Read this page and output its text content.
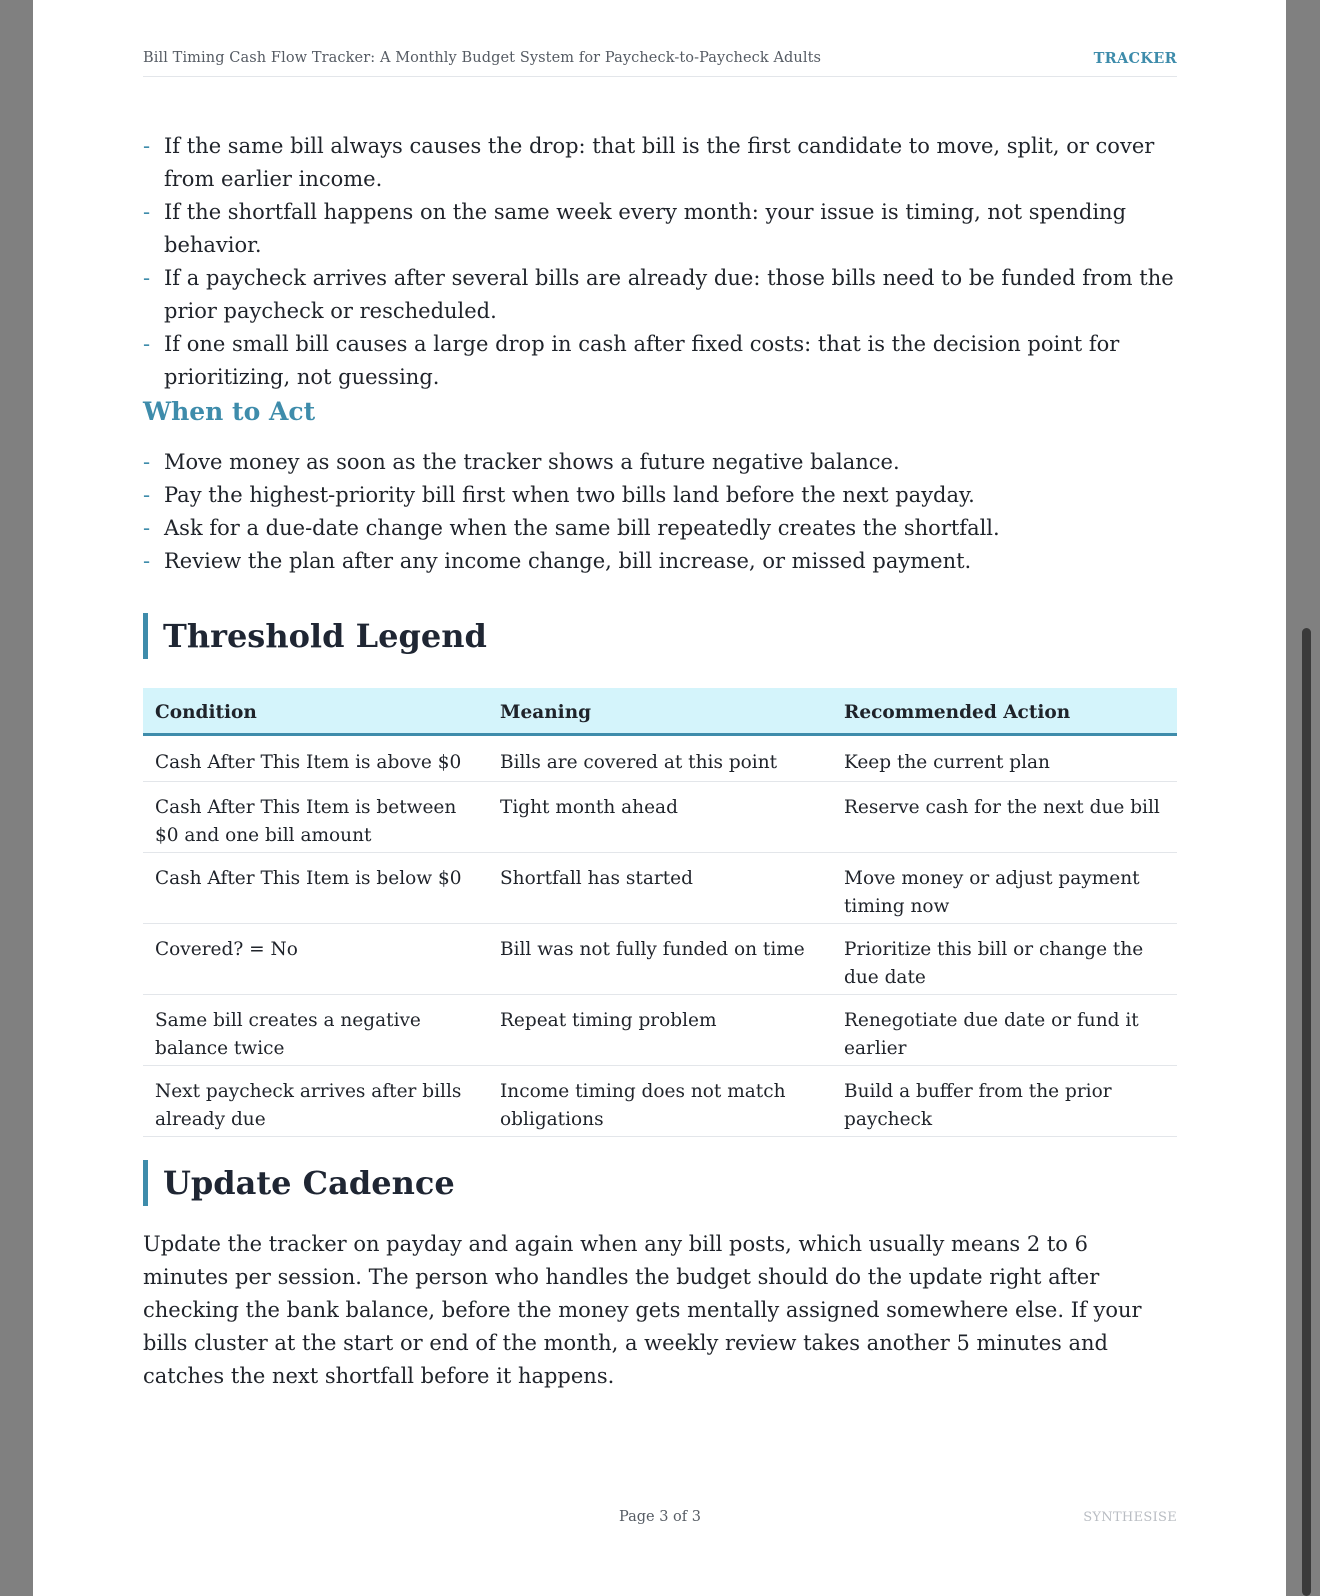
Bill Timing Cash Flow Tracker: A Monthly Budget System for Paycheck-to-Paycheck Adults	TRACKER
- If the same bill always causes the drop: that bill is the first candidate to move, split, or cover from earlier income.
- If the shortfall happens on the same week every month: your issue is timing, not spending behavior.
- If a paycheck arrives after several bills are already due: those bills need to be funded from the prior paycheck or rescheduled.
- If one small bill causes a large drop in cash after fixed costs: that is the decision point for prioritizing, not guessing.
When to Act
- Move money as soon as the tracker shows a future negative balance.
- Pay the highest-priority bill first when two bills land before the next payday.
- Ask for a due-date change when the same bill repeatedly creates the shortfall.
- Review the plan after any income change, bill increase, or missed payment.
Threshold Legend
Condition	Meaning	Recommended Action
Cash After This Item is above $0	Bills are covered at this point	Keep the current plan
Cash After This Item is between $0 and one bill amount	Tight month ahead	Reserve cash for the next due bill
Cash After This Item is below $0	Shortfall has started	Move money or adjust payment timing now
Covered? = No	Bill was not fully funded on time	Prioritize this bill or change the due date
Same bill creates a negative balance twice	Repeat timing problem	Renegotiate due date or fund it earlier
Next paycheck arrives after bills already due	Income timing does not match obligations	Build a buffer from the prior paycheck
Update Cadence

Update the tracker on payday and again when any bill posts, which usually means 2 to 6 minutes per session. The person who handles the budget should do the update right after checking the bank balance, before the money gets mentally assigned somewhere else. If your bills cluster at the start or end of the month, a weekly review takes another 5 minutes and catches the next shortfall before it happens.

Page 3 of 3	SYNTHESISE
